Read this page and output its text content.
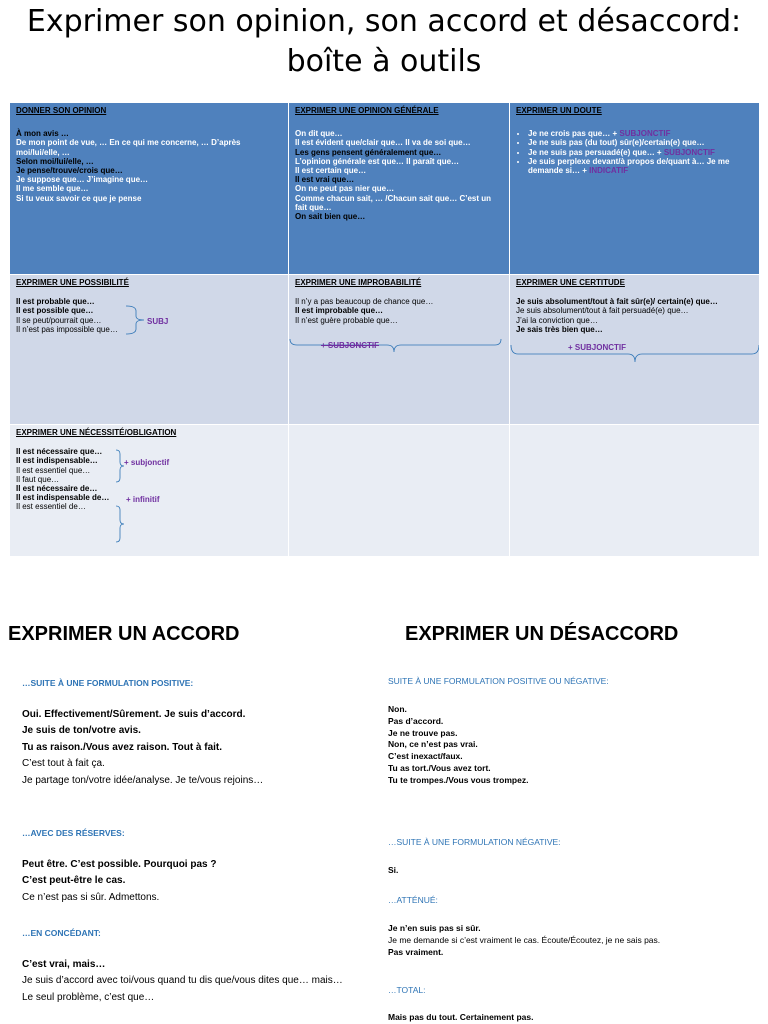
Exprimer son opinion, son accord et désaccord:
boîte à outils
DONNER SON OPINION
À mon avis …
De mon point de vue, … En ce qui me concerne, … D’après
moi/lui/elle, …
Selon moi/lui/elle, …
Je pense/trouve/crois que…
Je suppose que… J’imagine que…
Il me semble que…
Si tu veux savoir ce que je pense
EXPRIMER UNE OPINION GÉNÉRALE
On dit que…
Il est évident que/clair que… Il va de soi que…
Les gens pensent généralement que…
L’opinion générale est que… Il paraît que…
Il est certain que…
Il est vrai que…
On ne peut pas nier que…
Comme chacun sait, … /Chacun sait que… C’est un
fait que…
On sait bien que…
EXPRIMER UN DOUTE
• Je ne crois pas que… + SUBJONCTIF
• Je ne suis pas (du tout) sûr(e)/certain(e) que…
• Je ne suis pas persuadé(e) que… + SUBJONCTIF
• Je suis perplexe devant/à propos de/quant à… Je me demande si… + INDICATIF
EXPRIMER UNE POSSIBILITÉ
Il est probable que…
Il est possible que…
Il se peut/pourrait que…
Il n’est pas impossible que…
SUBJ
EXPRIMER UNE IMPROBABILITÉ
Il n’y a pas beaucoup de chance que…
Il est improbable que…
Il n’est guère probable que…
+ SUBJONCTIF
EXPRIMER UNE CERTITUDE
Je suis absolument/tout à fait sûr(e)/ certain(e) que…
Je suis absolument/tout à fait persuadé(e) que…
J’ai la conviction que…
Je sais très bien que…
+ SUBJONCTIF
EXPRIMER UNE NÉCESSITÉ/OBLIGATION
Il est nécessaire que…
Il est indispensable…
Il est essentiel que…
Il faut que…
Il est nécessaire de…
Il est indispensable de…
Il est essentiel de…
+ subjonctif
+ infinitif
EXPRIMER UN ACCORD
…SUITE À UNE FORMULATION POSITIVE:
Oui. Effectivement/Sûrement. Je suis d’accord.
Je suis de ton/votre avis.
Tu as raison./Vous avez raison. Tout à fait.
C’est tout à fait ça.
Je partage ton/votre idée/analyse. Je te/vous rejoins…
…AVEC DES RÉSERVES:
Peut être. C’est possible. Pourquoi pas ?
C’est peut-être le cas.
Ce n’est pas si sûr. Admettons.
…EN CONCÉDANT:
C’est vrai, mais…
Je suis d’accord avec toi/vous quand tu dis que/vous dites que… mais…
Le seul problème, c’est que…
EXPRIMER UN DÉSACCORD
SUITE À UNE FORMULATION POSITIVE OU NÉGATIVE:
Non.
Pas d’accord.
Je ne trouve pas.
Non, ce n’est pas vrai.
C’est inexact/faux.
Tu as tort./Vous avez tort.
Tu te trompes./Vous vous trompez.
…SUITE À UNE FORMULATION NÉGATIVE:
Si.
…ATTÉNUÉ:
Je n’en suis pas si sûr.
Je me demande si c’est vraiment le cas. Écoute/Écoutez, je ne sais pas.
Pas vraiment.
…TOTAL:
Mais pas du tout. Certainement pas.
